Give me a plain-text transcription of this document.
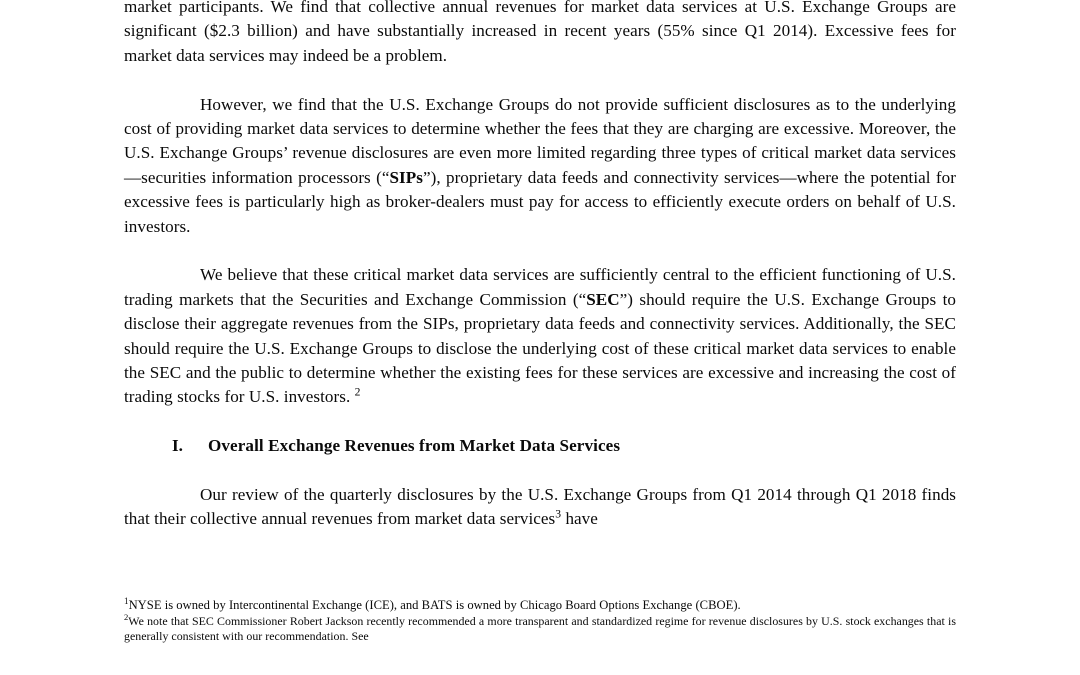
market participants. We find that collective annual revenues for market data services at U.S. Exchange Groups are significant ($2.3 billion) and have substantially increased in recent years (55% since Q1 2014). Excessive fees for market data services may indeed be a problem.

However, we find that the U.S. Exchange Groups do not provide sufficient disclosures as to the underlying cost of providing market data services to determine whether the fees that they are charging are excessive. Moreover, the U.S. Exchange Groups’ revenue disclosures are even more limited regarding three types of critical market data services—securities information processors (“SIPs”), proprietary data feeds and connectivity services—where the potential for excessive fees is particularly high as broker-dealers must pay for access to efficiently execute orders on behalf of U.S. investors.

We believe that these critical market data services are sufficiently central to the efficient functioning of U.S. trading markets that the Securities and Exchange Commission (“SEC”) should require the U.S. Exchange Groups to disclose their aggregate revenues from the SIPs, proprietary data feeds and connectivity services. Additionally, the SEC should require the U.S. Exchange Groups to disclose the underlying cost of these critical market data services to enable the SEC and the public to determine whether the existing fees for these services are excessive and increasing the cost of trading stocks for U.S. investors. $^2$

I.	Overall Exchange Revenues from Market Data Services

Our review of the quarterly disclosures by the U.S. Exchange Groups from Q1 2014 through Q1 2018 finds that their collective annual revenues from market data services$^3$ have

$^1$NYSE is owned by Intercontinental Exchange (ICE), and BATS is owned by Chicago Board Options Exchange (CBOE).

$^2$We note that SEC Commissioner Robert Jackson recently recommended a more transparent and standardized regime for revenue disclosures by U.S. stock exchanges that is generally consistent with our recommendation. See
